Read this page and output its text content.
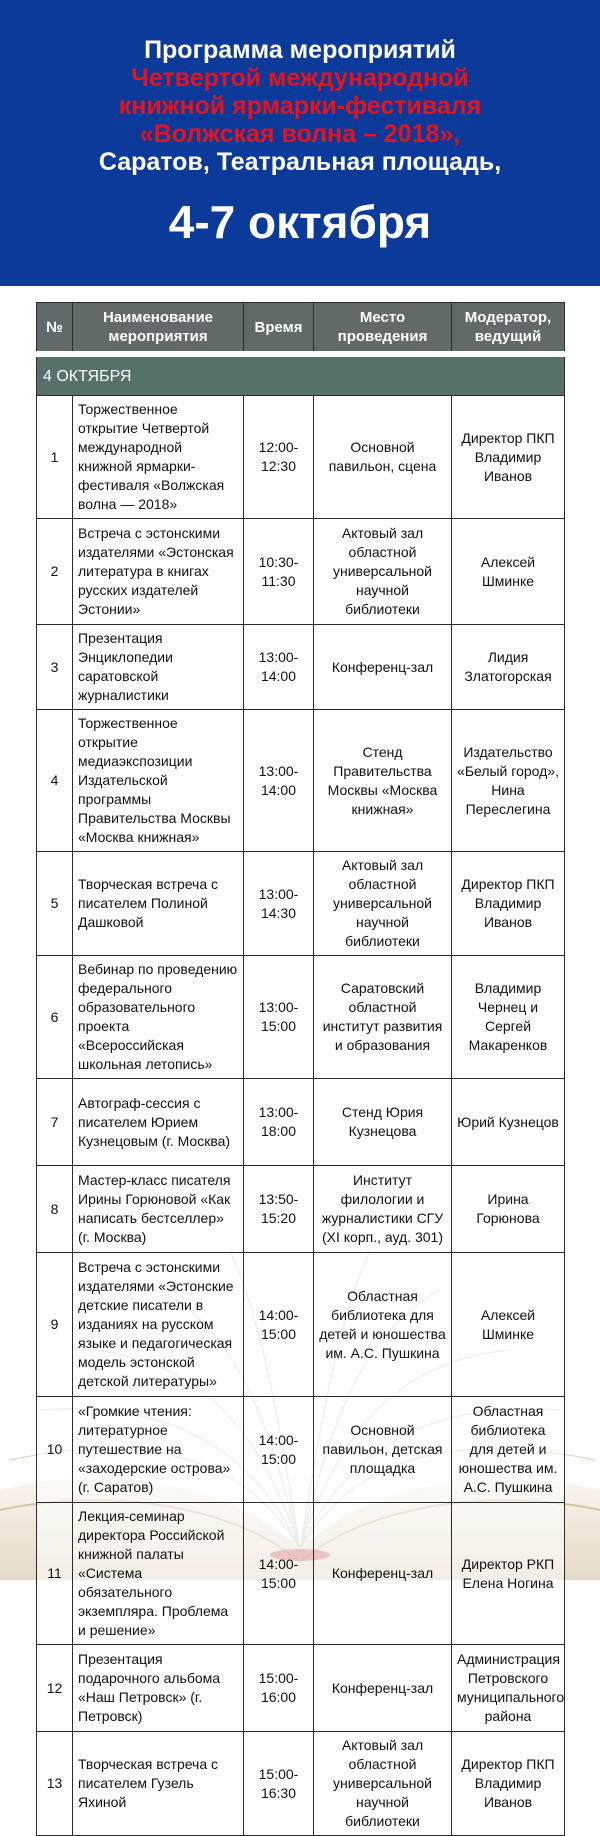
Программа мероприятий
Четвертой международной
книжной ярмарки-фестиваля
«Волжская волна – 2018»,
Саратов, Театральная площадь,
4-7 октября
№	Наименование мероприятия	Время	Место проведения	Модератор, ведущий
4 ОКТЯБРЯ				
1	Торжественное открытие Четвертой международной книжной ярмарки-фестиваля «Волжская волна — 2018»	12:00-12:30	Основной павильон, сцена	Директор ПКП Владимир Иванов
2	Встреча с эстонскими издателями «Эстонская литература в книгах русских издателей Эстонии»	10:30-11:30	Актовый зал областной универсальной научной библиотеки	Алексей Шминке
3	Презентация Энциклопедии саратовской журналистики	13:00-14:00	Конференц-зал	Лидия Златогорская
4	Торжественное открытие медиаэкспозиции Издательской программы Правительства Москвы «Москва книжная»	13:00-14:00	Стенд Правительства Москвы «Москва книжная»	Издательство «Белый город», Нина Переслегина
5	Творческая встреча с писателем Полиной Дашковой	13:00-14:30	Актовый зал областной универсальной научной библиотеки	Директор ПКП Владимир Иванов
6	Вебинар по проведению федерального образовательного проекта «Всероссийская школьная летопись»	13:00-15:00	Саратовский областной институт развития и образования	Владимир Чернец и Сергей Макаренков
7	Автограф-сессия с писателем Юрием Кузнецовым (г. Москва)	13:00-18:00	Стенд Юрия Кузнецова	Юрий Кузнецов
8	Мастер-класс писателя Ирины Горюновой «Как написать бестселлер» (г. Москва)	13:50-15:20	Институт филологии и журналистики СГУ (XI корп., ауд. 301)	Ирина Горюнова
9	Встреча с эстонскими издателями «Эстонские детские писатели в изданиях на русском языке и педагогическая модель эстонской детской литературы»	14:00-15:00	Областная библиотека для детей и юношества им. А.С. Пушкина	Алексей Шминке
10	«Громкие чтения: литературное путешествие на «заходерские острова» (г. Саратов)	14:00-15:00	Основной павильон, детская площадка	Областная библиотека для детей и юношества им. А.С. Пушкина
11	Лекция-семинар директора Российской книжной палаты «Система обязательного экземпляра. Проблема и решение»	14:00-15:00	Конференц-зал	Директор РКП Елена Ногина
12	Презентация подарочного альбома «Наш Петровск» (г. Петровск)	15:00-16:00	Конференц-зал	Администрация Петровского муниципального района
13	Творческая встреча с писателем Гузель Яхиной	15:00-16:30	Актовый зал областной универсальной научной библиотеки	Директор ПКП Владимир Иванов
